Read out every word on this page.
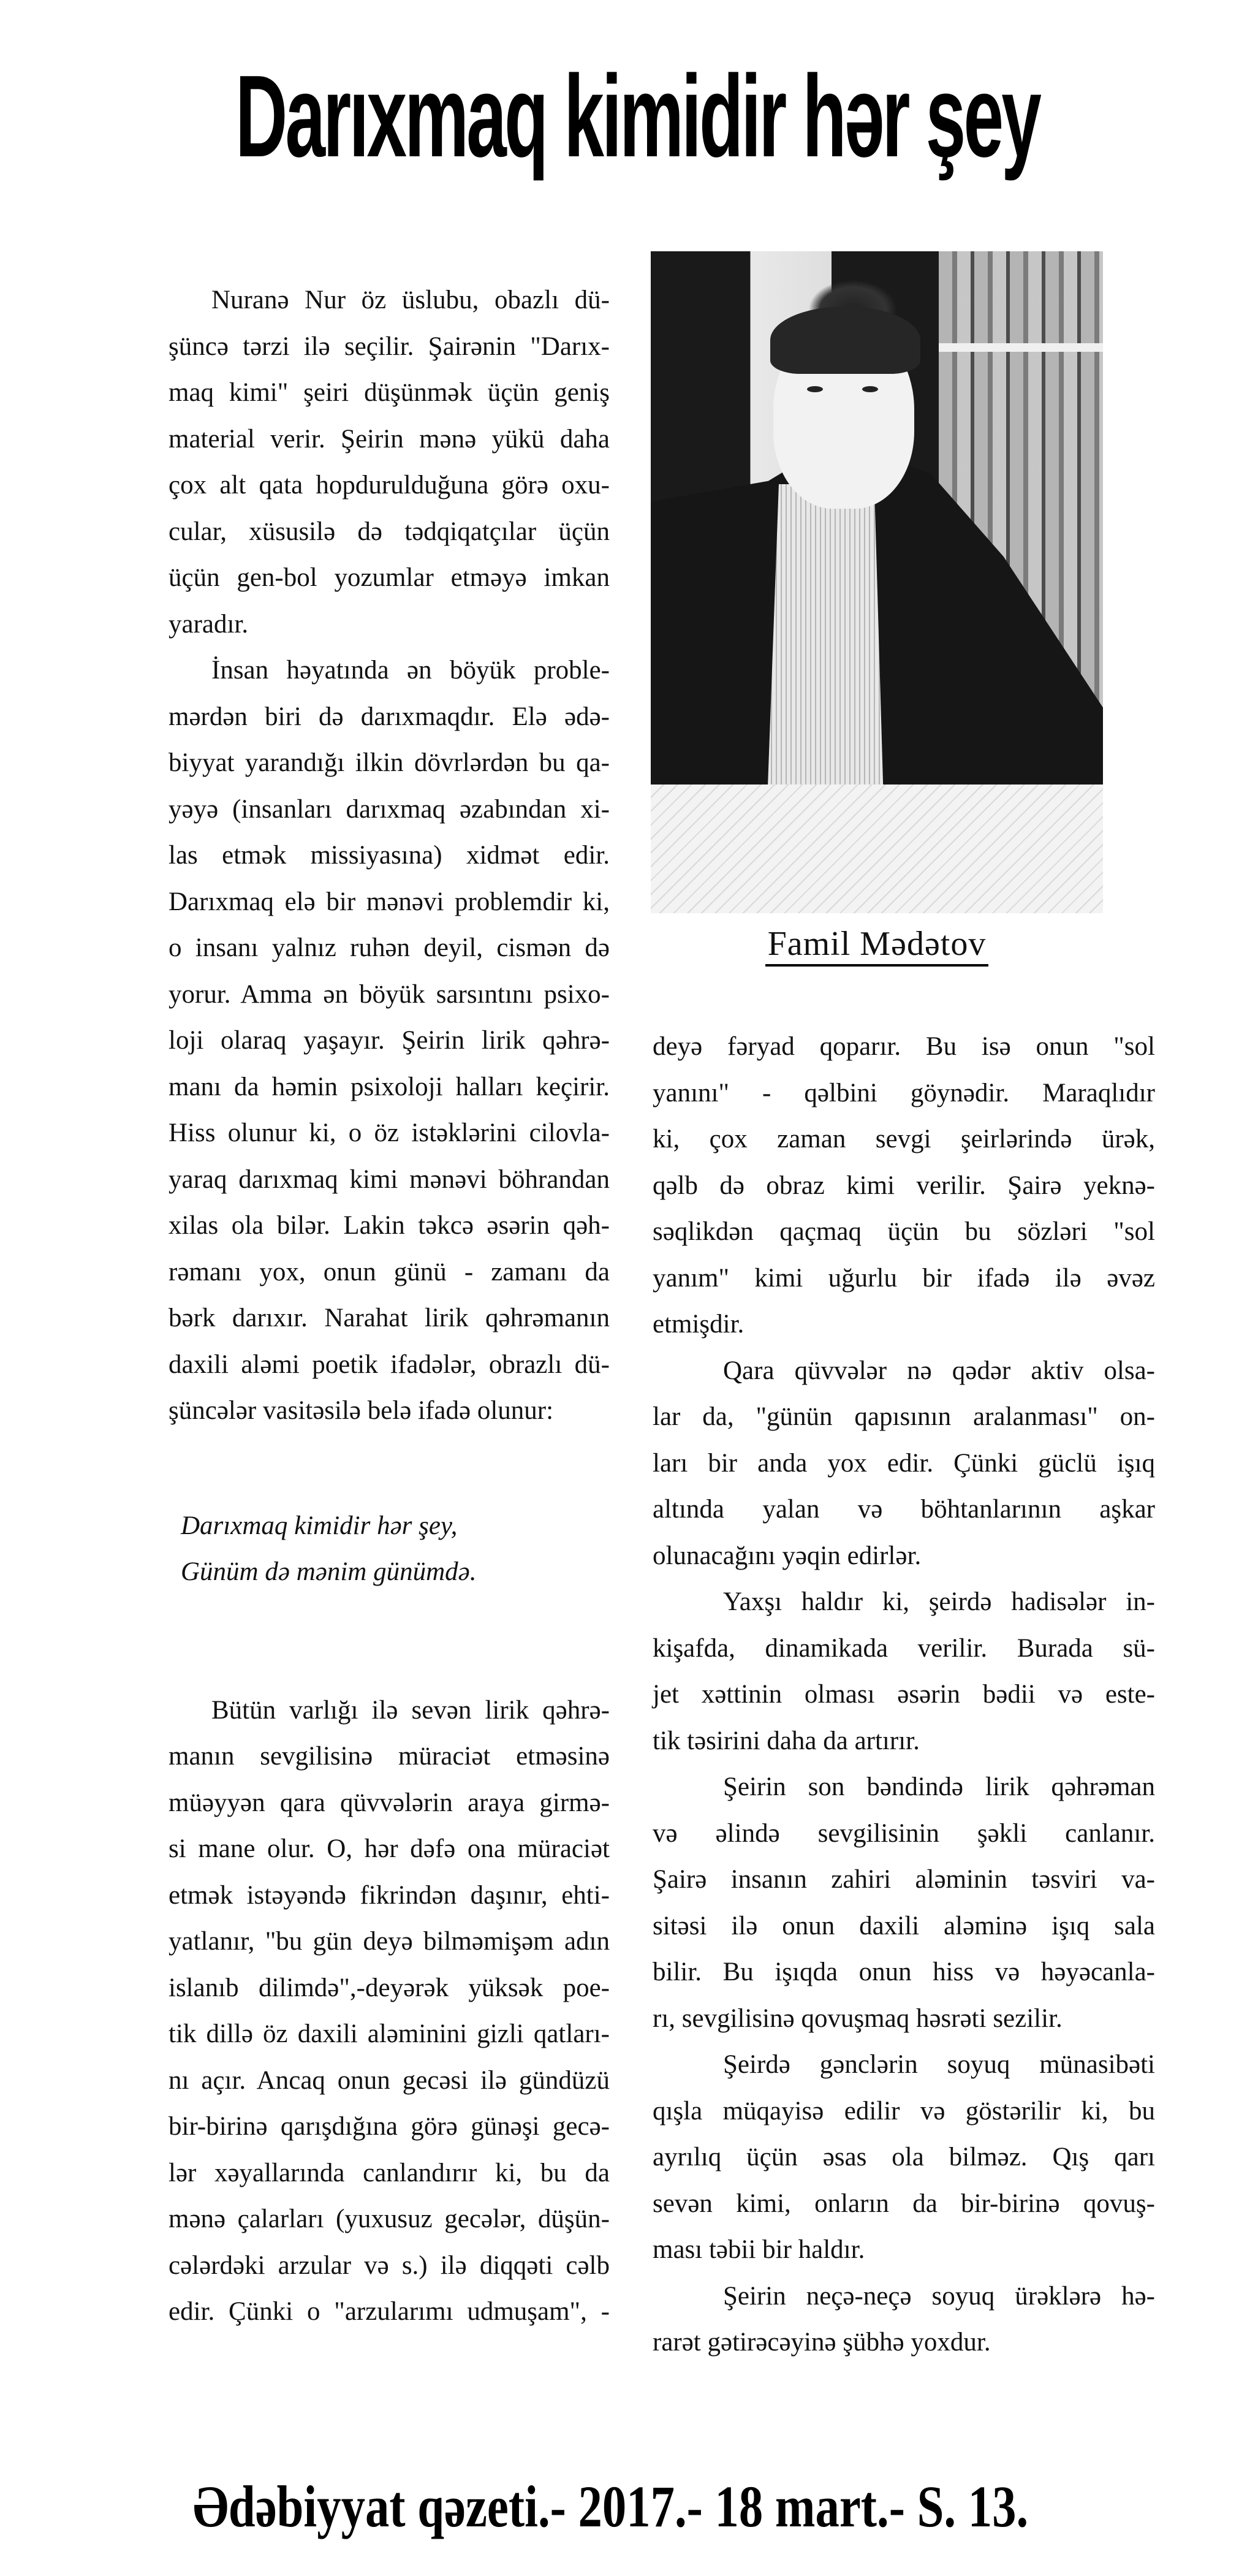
Darıxmaq kimidir hər şey
Nuranə Nur öz üslubu, obazlı dü-
şüncə tərzi ilə seçilir. Şairənin "Darıx-
maq kimi" şeiri düşünmək üçün geniş
material verir. Şeirin mənə yükü daha
çox alt qata hopdurulduğuna görə oxu-
cular, xüsusilə də tədqiqatçılar üçün
üçün gen-bol yozumlar etməyə imkan
yaradır.
İnsan həyatında ən böyük proble-
mərdən biri də darıxmaqdır. Elə ədə-
biyyat yarandığı ilkin dövrlərdən bu qa-
yəyə (insanları darıxmaq əzabından xi-
las etmək missiyasına) xidmət edir.
Darıxmaq elə bir mənəvi problemdir ki,
o insanı yalnız ruhən deyil, cismən də
yorur. Amma ən böyük sarsıntını psixo-
loji olaraq yaşayır. Şeirin lirik qəhrə-
manı da həmin psixoloji halları keçirir.
Hiss olunur ki, o öz istəklərini cilovla-
yaraq darıxmaq kimi mənəvi böhrandan
xilas ola bilər. Lakin təkcə əsərin qəh-
rəmanı yox, onun günü - zamanı da
bərk darıxır. Narahat lirik qəhrəmanın
daxili aləmi poetik ifadələr, obrazlı dü-
şüncələr vasitəsilə belə ifadə olunur:
Darıxmaq kimidir hər şey,
Günüm də mənim günümdə.
Bütün varlığı ilə sevən lirik qəhrə-
manın sevgilisinə müraciət etməsinə
müəyyən qara qüvvələrin araya girmə-
si mane olur. O, hər dəfə ona müraciət
etmək istəyəndə fikrindən daşınır, ehti-
yatlanır, "bu gün deyə bilməmişəm adın
islanıb dilimdə",-deyərək yüksək poe-
tik dillə öz daxili aləminini gizli qatları-
nı açır. Ancaq onun gecəsi ilə gündüzü
bir-birinə qarışdığına görə günəşi gecə-
lər xəyallarında canlandırır ki, bu da
mənə çalarları (yuxusuz gecələr, düşün-
cələrdəki arzular və s.) ilə diqqəti cəlb
edir. Çünki o "arzularımı udmuşam", -
Famil Mədətov
deyə fəryad qoparır. Bu isə onun "sol
yanını" - qəlbini göynədir. Maraqlıdır
ki, çox zaman sevgi şeirlərində ürək,
qəlb də obraz kimi verilir. Şairə yeknə-
səqlikdən qaçmaq üçün bu sözləri "sol
yanım" kimi uğurlu bir ifadə ilə əvəz
etmişdir.
Qara qüvvələr nə qədər aktiv olsa-
lar da, "günün qapısının aralanması" on-
ları bir anda yox edir. Çünki güclü işıq
altında yalan və böhtanlarının aşkar
olunacağını yəqin edirlər.
Yaxşı haldır ki, şeirdə hadisələr in-
kişafda, dinamikada verilir. Burada sü-
jet xəttinin olması əsərin bədii və este-
tik təsirini daha da artırır.
Şeirin son bəndində lirik qəhrəman
və əlində sevgilisinin şəkli canlanır.
Şairə insanın zahiri aləminin təsviri va-
sitəsi ilə onun daxili aləminə işıq sala
bilir. Bu işıqda onun hiss və həyəcanla-
rı, sevgilisinə qovuşmaq həsrəti sezilir.
Şeirdə gənclərin soyuq münasibəti
qışla müqayisə edilir və göstərilir ki, bu
ayrılıq üçün əsas ola bilməz. Qış qarı
sevən kimi, onların da bir-birinə qovuş-
ması təbii bir haldır.
Şeirin neçə-neçə soyuq ürəklərə hə-
rarət gətirəcəyinə şübhə yoxdur.
Ədəbiyyat qəzeti.- 2017.- 18 mart.- S. 13.
